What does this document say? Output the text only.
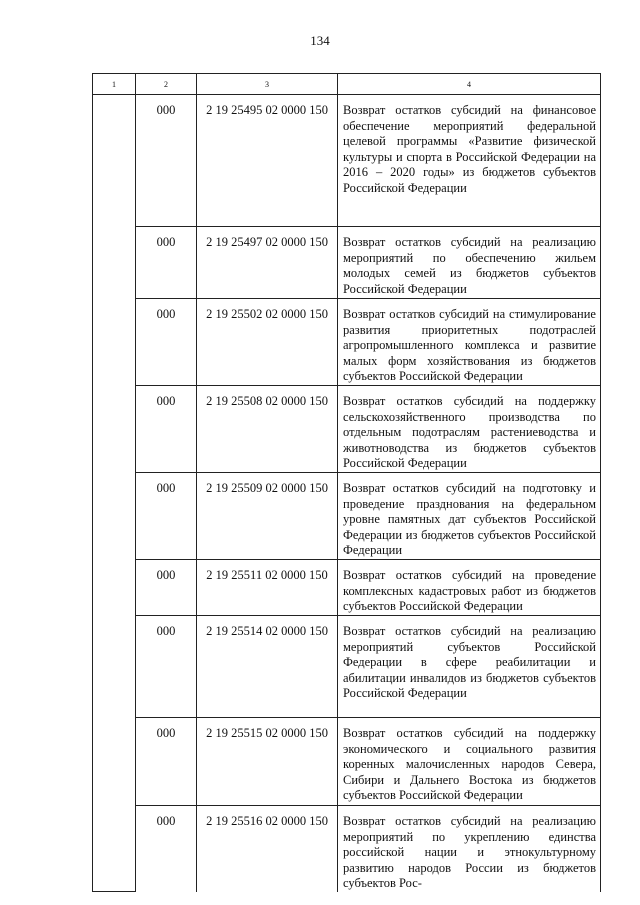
134
1	2	3	4
	000	2 19 25495 02 0000 150	Возврат остатков субсидий на финансовое обеспечение мероприятий федеральной целевой программы «Развитие физической культуры и спорта в Российской Федерации на 2016 – 2020 годы» из бюджетов субъектов Российской Федерации
	000	2 19 25497 02 0000 150	Возврат остатков субсидий на реализацию мероприятий по обеспечению жильем молодых семей из бюджетов субъектов Российской Федерации
	000	2 19 25502 02 0000 150	Возврат остатков субсидий на стимулирование развития приоритетных подотраслей агропромышленного комплекса и развитие малых форм хозяйствования из бюджетов субъектов Российской Федерации
	000	2 19 25508 02 0000 150	Возврат остатков субсидий на поддержку сельскохозяйственного производства по отдельным подотраслям растениеводства и животноводства из бюджетов субъектов Российской Федерации
	000	2 19 25509 02 0000 150	Возврат остатков субсидий на подготовку и проведение празднования на федеральном уровне памятных дат субъектов Российской Федерации из бюджетов субъектов Российской Федерации
	000	2 19 25511 02 0000 150	Возврат остатков субсидий на проведение комплексных кадастровых работ из бюджетов субъектов Российской Федерации
	000	2 19 25514 02 0000 150	Возврат остатков субсидий на реализацию мероприятий субъектов Российской Федерации в сфере реабилитации и абилитации инвалидов из бюджетов субъектов Российской Федерации
	000	2 19 25515 02 0000 150	Возврат остатков субсидий на поддержку экономического и социального развития коренных малочисленных народов Севера, Сибири и Дальнего Востока из бюджетов субъектов Российской Федерации
	000	2 19 25516 02 0000 150	Возврат остатков субсидий на реализацию мероприятий по укреплению единства российской нации и этнокультурному развитию народов России из бюджетов субъектов Рос-
